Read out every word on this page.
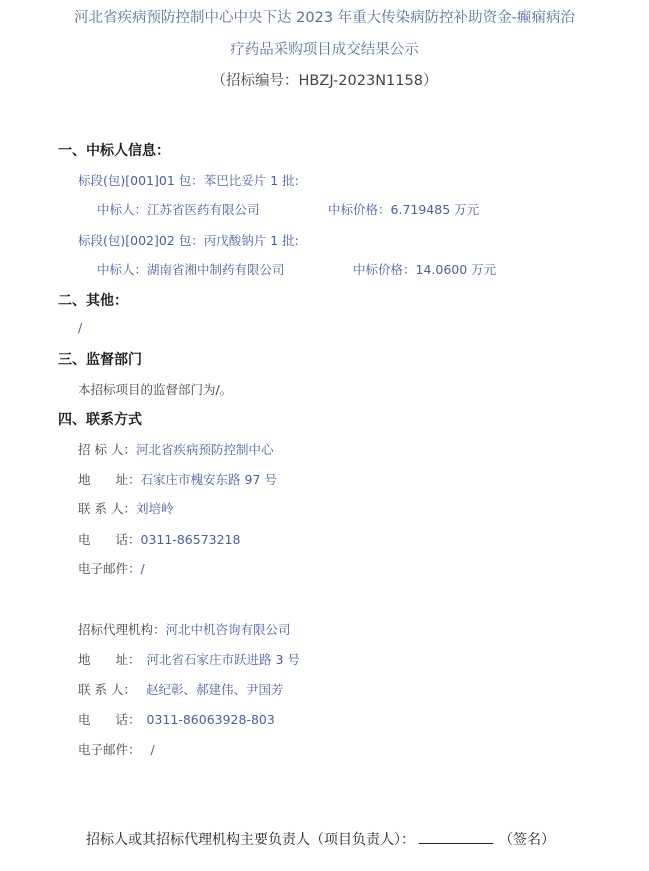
河北省疾病预防控制中心中央下达 2023 年重大传染病防控补助资金-癫痫病治
疗药品采购项目成交结果公示
（招标编号：HBZJ-2023N1158）
一、中标人信息：
标段(包)[001]01 包：苯巴比妥片 1 批:
中标人：江苏省医药有限公司	中标价格：6.719485 万元
标段(包)[002]02 包：丙戊酸钠片 1 批:
中标人：湖南省湘中制药有限公司	中标价格：14.0600 万元
二、其他：
/
三、监督部门
本招标项目的监督部门为/。
四、联系方式
招 标 人：河北省疾病预防控制中心
地　　址：石家庄市槐安东路 97 号
联 系 人：刘培岭
电　　话：0311-86573218
电子邮件：/
招标代理机构：河北中机咨询有限公司
地　　址： 河北省石家庄市跃进路 3 号
联 系 人： 赵纪彰、郝建伟、尹国芳
电　　话： 0311-86063928-803
电子邮件： /
招标人或其招标代理机构主要负责人（项目负责人）：	（签名）
